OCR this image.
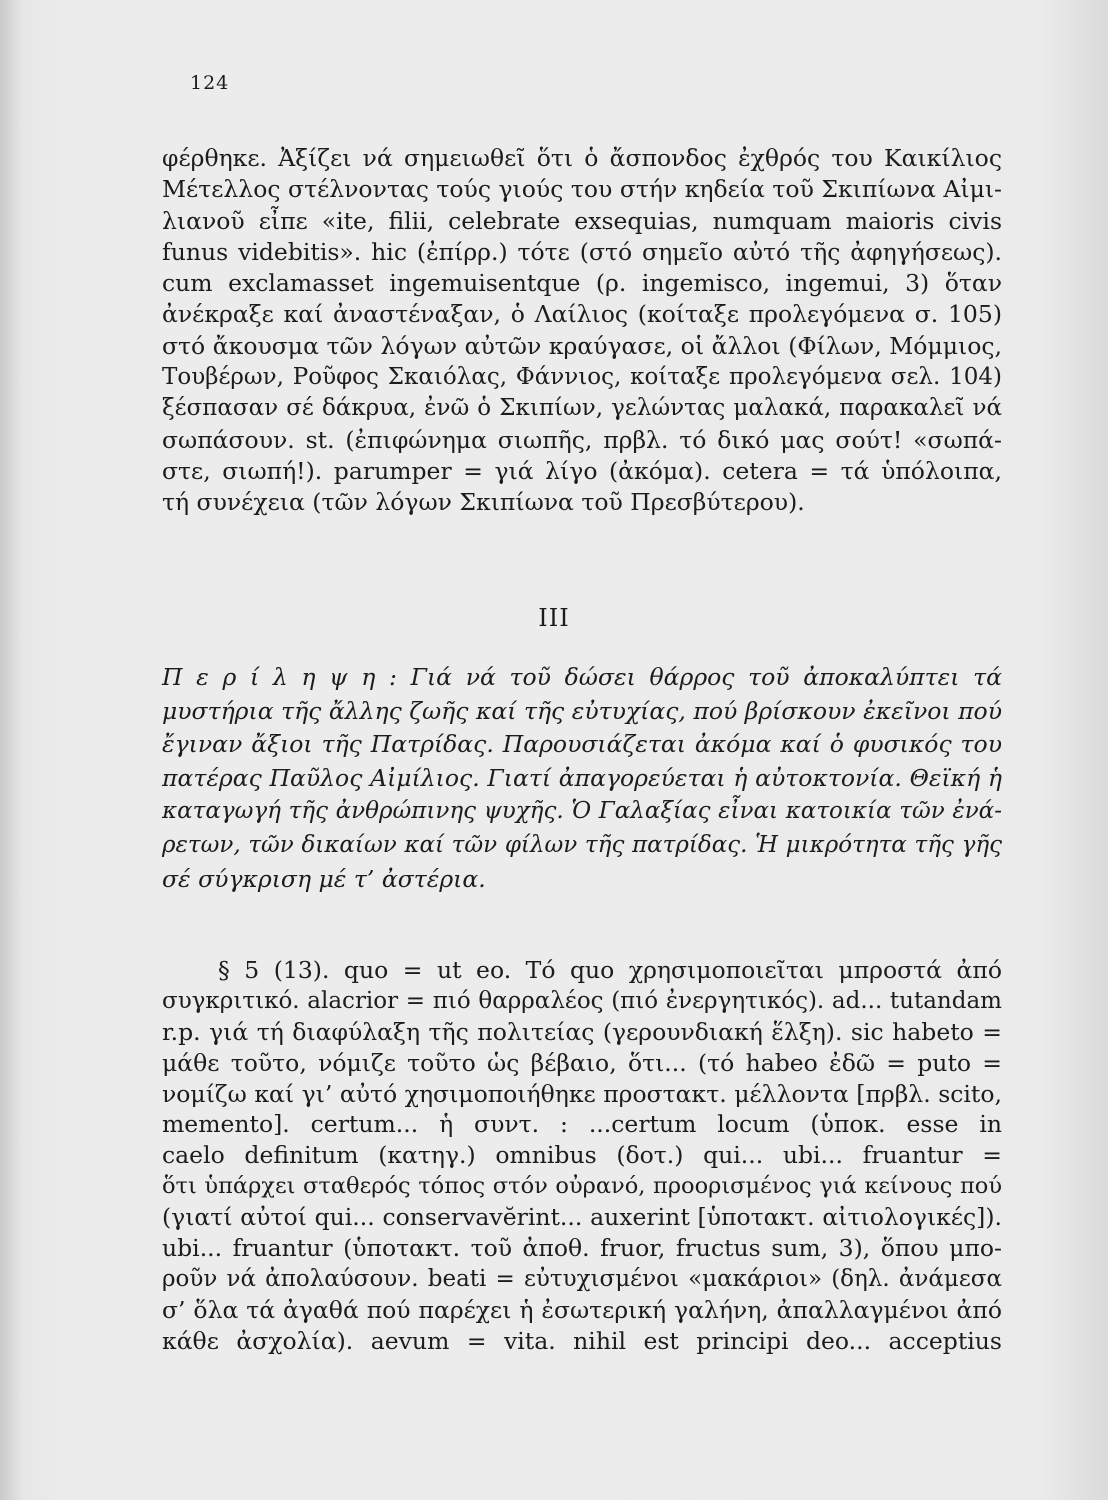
124
φέρθηκε. Ἀξίζει νά σημειωθεῖ ὅτι ὁ ἄσπονδος ἐχθρός του Καικίλιος
Μέτελλος στέλνοντας τούς γιούς του στήν κηδεία τοῦ Σκιπίωνα Αἰμι-
λιανοῦ εἶπε «ite, filii, celebrate exsequias, numquam maioris civis
funus videbitis». hic (ἐπίρρ.) τότε (στό σημεῖο αὐτό τῆς ἀφηγήσεως).
cum exclamasset ingemuisentque (ρ. ingemisco, ingemui, 3) ὅταν
ἀνέκραξε καί ἀναστέναξαν, ὁ Λαίλιος (κοίταξε προλεγόμενα σ. 105)
στό ἄκουσμα τῶν λόγων αὐτῶν κραύγασε, οἱ ἄλλοι (Φίλων, Μόμμιος,
Τουβέρων, Ροῦφος Σκαιόλας, Φάννιος, κοίταξε προλεγόμενα σελ. 104)
ξέσπασαν σέ δάκρυα, ἐνῶ ὁ Σκιπίων, γελώντας μαλακά, παρακαλεῖ νά
σωπάσουν. st. (ἐπιφώνημα σιωπῆς, πρβλ. τό δικό μας σούτ! «σωπά-
στε, σιωπή!). parumper = γιά λίγο (ἀκόμα). cetera = τά ὑπόλοιπα,
τή συνέχεια (τῶν λόγων Σκιπίωνα τοῦ Πρεσβύτερου).
III
Π ε ρ ί λ η ψ η : Γιά νά τοῦ δώσει θάρρος τοῦ ἀποκαλύπτει τά
μυστήρια τῆς ἄλλης ζωῆς καί τῆς εὐτυχίας, πού βρίσκουν ἐκεῖνοι πού
ἔγιναν ἄξιοι τῆς Πατρίδας. Παρουσιάζεται ἀκόμα καί ὁ φυσικός του
πατέρας Παῦλος Αἰμίλιος. Γιατί ἀπαγορεύεται ἡ αὐτοκτονία. Θεϊκή ἡ
καταγωγή τῆς ἀνθρώπινης ψυχῆς. Ὁ Γαλαξίας εἶναι κατοικία τῶν ἐνά-
ρετων, τῶν δικαίων καί τῶν φίλων τῆς πατρίδας. Ἡ μικρότητα τῆς γῆς
σέ σύγκριση μέ τ’ ἀστέρια.
§ 5 (13). quo = ut eo. Τό quo χρησιμοποιεῖται μπροστά ἀπό
συγκριτικό. alacrior = πιό θαρραλέος (πιό ἐνεργητικός). ad... tutandam
r.p. γιά τή διαφύλαξη τῆς πολιτείας (γερουνδιακή ἕλξη). sic habeto =
μάθε τοῦτο, νόμιζε τοῦτο ὡς βέβαιο, ὅτι... (τό habeo ἐδῶ = puto =
νομίζω καί γι’ αὐτό χησιμοποιήθηκε προστακτ. μέλλοντα [πρβλ. scito,
memento]. certum... ἡ συντ. : ...certum locum (ὑποκ. esse in
caelo definitum (κατηγ.) omnibus (δοτ.) qui... ubi... fruantur =
ὅτι ὑπάρχει σταθερός τόπος στόν οὐρανό, προορισμένος γιά κείνους πού
(γιατί αὐτοί qui... conservavĕrint... auxerint [ὑποτακτ. αἰτιολογικές]).
ubi... fruantur (ὑποτακτ. τοῦ ἀποθ. fruor, fructus sum, 3), ὅπου μπο-
ροῦν νά ἀπολαύσουν. beati = εὐτυχισμένοι «μακάριοι» (δηλ. ἀνάμεσα
σ’ ὅλα τά ἀγαθά πού παρέχει ἡ ἐσωτερική γαλήνη, ἀπαλλαγμένοι ἀπό
κάθε ἀσχολία). aevum = vita. nihil est principi deo... acceptius
